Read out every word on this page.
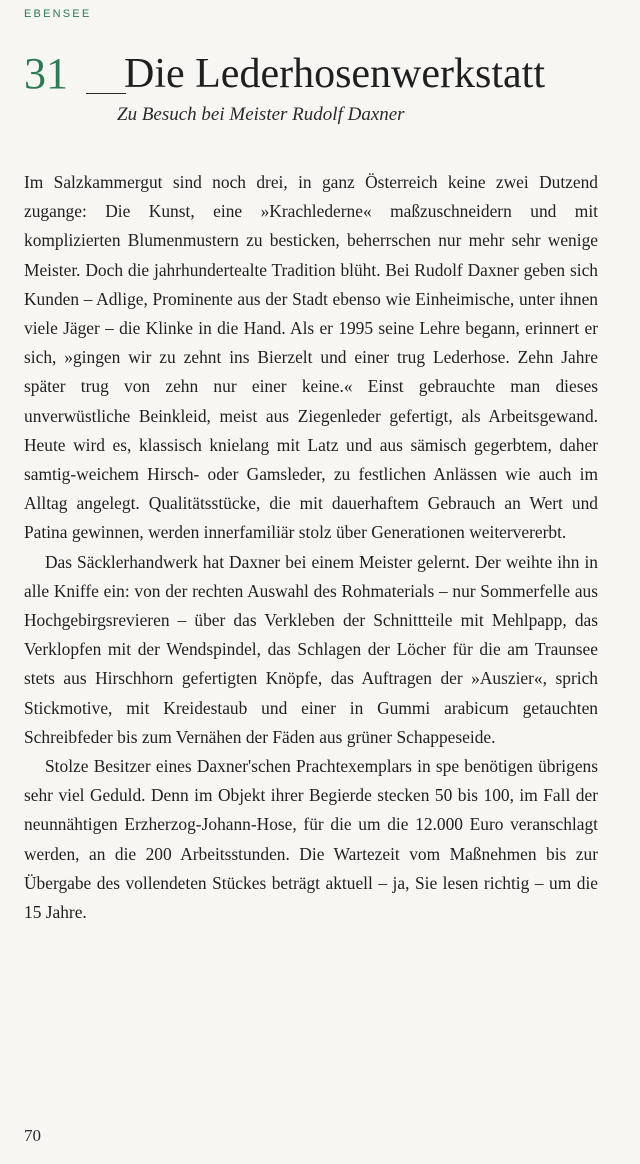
EBENSEE
31 Die Lederhosenwerkstatt
Zu Besuch bei Meister Rudolf Daxner

Im Salzkammergut sind noch drei, in ganz Österreich keine zwei Dutzend zugange: Die Kunst, eine »Krachlederne« maßzuschneidern und mit komplizierten Blumenmustern zu besticken, beherrschen nur mehr sehr wenige Meister. Doch die jahrhundertealte Tradition blüht. Bei Rudolf Daxner geben sich Kunden – Adlige, Prominente aus der Stadt ebenso wie Einheimische, unter ihnen viele Jäger – die Klinke in die Hand. Als er 1995 seine Lehre begann, erinnert er sich, »gingen wir zu zehnt ins Bierzelt und einer trug Lederhose. Zehn Jahre später trug von zehn nur einer keine.« Einst gebrauchte man dieses unverwüstliche Beinkleid, meist aus Ziegenleder gefertigt, als Arbeitsgewand. Heute wird es, klassisch knielang mit Latz und aus sämisch gegerbtem, daher samtig-weichem Hirsch- oder Gamsleder, zu festlichen Anlässen wie auch im Alltag angelegt. Qualitätsstücke, die mit dauerhaftem Gebrauch an Wert und Patina gewinnen, werden innerfamiliär stolz über Generationen weitervererbt.

Das Säcklerhandwerk hat Daxner bei einem Meister gelernt. Der weihte ihn in alle Kniffe ein: von der rechten Auswahl des Rohmaterials – nur Sommerfelle aus Hochgebirgsrevieren – über das Verkleben der Schnittteile mit Mehlpapp, das Verklopfen mit der Wendspindel, das Schlagen der Löcher für die am Traunsee stets aus Hirschhorn gefertigten Knöpfe, das Auftragen der »Auszier«, sprich Stickmotive, mit Kreidestaub und einer in Gummi arabicum getauchten Schreibfeder bis zum Vernähen der Fäden aus grüner Schappeseide.

Stolze Besitzer eines Daxner'schen Prachtexemplars in spe benötigen übrigens sehr viel Geduld. Denn im Objekt ihrer Begierde stecken 50 bis 100, im Fall der neunnähtigen Erzherzog-Johann-Hose, für die um die 12.000 Euro veranschlagt werden, an die 200 Arbeitsstunden. Die Wartezeit vom Maßnehmen bis zur Übergabe des vollendeten Stückes beträgt aktuell – ja, Sie lesen richtig – um die 15 Jahre.

70
